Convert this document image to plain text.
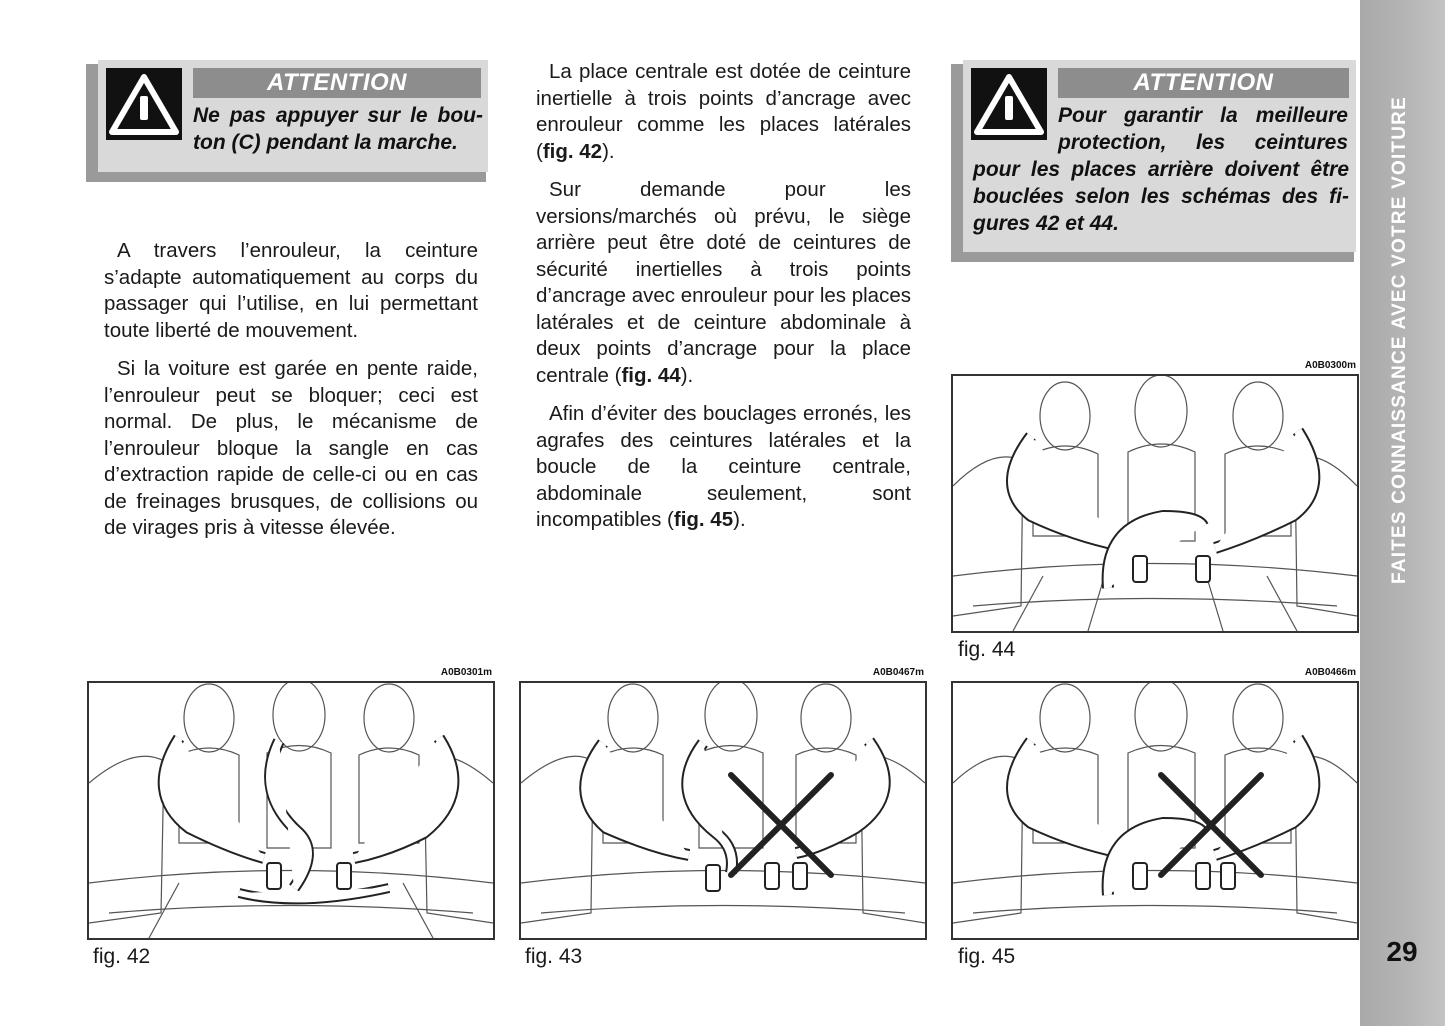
FAITES CONNAISSANCE AVEC VOTRE VOITURE
29
ATTENTION
Ne pas appuyer sur le bou-
ton (C) pendant la marche.
ATTENTION
Pour garantir la meilleure
protection, les ceintures
pour les places arrière doivent être
bouclées selon les schémas des fi-
gures 42 et 44.

A travers l’enrouleur, la ceinture s’adapte automatiquement au corps du passager qui l’utilise, en lui permettant toute liberté de mouvement.

Si la voiture est garée en pente raide, l’enrouleur peut se bloquer; ceci est normal. De plus, le mécanisme de l’enrouleur bloque la sangle en cas d’extraction rapide de celle-ci ou en cas de freinages brusques, de collisions ou de virages pris à vitesse élevée.

La place centrale est dotée de ceinture inertielle à trois points d’ancrage avec enrouleur comme les places latérales (fig. 42).

Sur demande pour les versions/marchés où prévu, le siège arrière peut être doté de ceintures de sécurité inertielles à trois points d’ancrage avec enrouleur pour les places latérales et de ceinture abdominale à deux points d’ancrage pour la place centrale (fig. 44).

Afin d’éviter des bouclages erronés, les agrafes des ceintures latérales et la boucle de la ceinture centrale, abdominale seulement, sont incompatibles (fig. 45).

A0B0300m
fig. 44
A0B0301m
fig. 42
A0B0467m
fig. 43
A0B0466m
fig. 45
